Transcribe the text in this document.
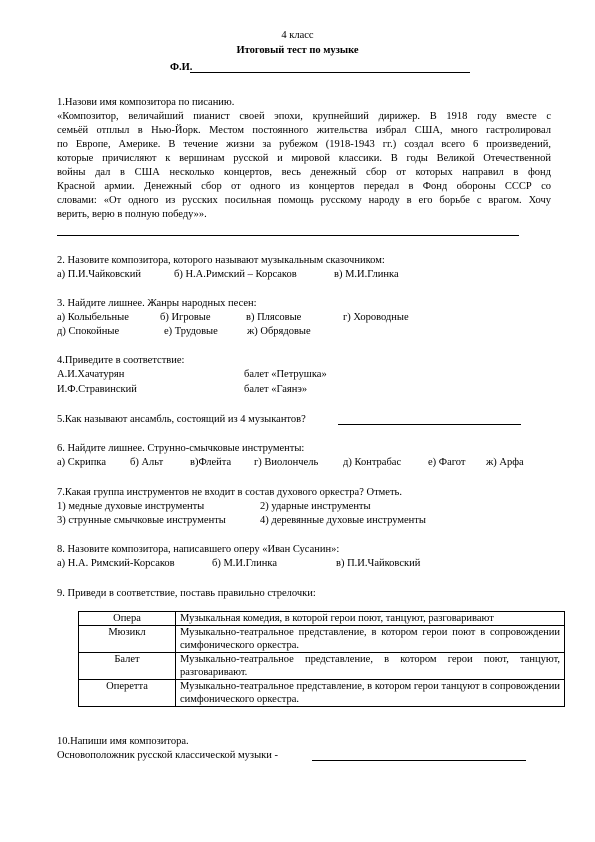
4 класс
Итоговый тест по музыке
Ф.И.
1.Назови имя композитора по писанию.
«Композитор, величайший пианист своей эпохи, крупнейший дирижер. В 1918 году вместе с
семьёй отплыл в Нью-Йорк. Местом постоянного жительства избрал США, много гастролировал
по Европе, Америке. В течение жизни за рубежом (1918-1943 гг.) создал всего 6 произведений,
которые причисляют к вершинам русской и мировой классики. В годы Великой Отечественной
войны дал в США несколько концертов, весь денежный сбор от которых направил в фонд
Красной армии. Денежный сбор от одного из концертов передал в Фонд обороны СССР со
словами: «От одного из русских посильная помощь русскому народу в его борьбе с врагом. Хочу
верить, верю в полную победу»».
2. Назовите композитора, которого называют музыкальным сказочником:
а) П.И.Чайковский	б) Н.А.Римский – Корсаков	в) М.И.Глинка
3. Найдите лишнее. Жанры народных песен:
а) Колыбельные	б) Игровые	в) Плясовые	г) Хороводные
д) Спокойные	е) Трудовые	ж) Обрядовые
4.Приведите в соответствие:
А.И.Хачатурян	балет «Петрушка»
И.Ф.Стравинский	балет «Гаянэ»
5.Как называют ансамбль, состоящий из 4 музыкантов?
6. Найдите лишнее. Струнно-смычковые инструменты:
а) Скрипка б) Альт	в)Флейта г) Виолончель д) Контрабас	е) Фагот ж) Арфа
7.Какая группа инструментов не входит в состав духового оркестра? Отметь.
1) медные духовые инструменты	2) ударные инструменты
3) струнные смычковые инструменты	4) деревянные духовые инструменты
8. Назовите композитора, написавшего оперу «Иван Сусанин»:
а) Н.А. Римский-Корсаков	б) М.И.Глинка	в) П.И.Чайковский
9. Приведи в соответствие, поставь правильно стрелочки:
Опера	Музыкальная комедия, в которой герои поют, танцуют, разговаривают
Мюзикл	Музыкально-театральное представление, в котором герои поют в сопровождении симфонического оркестра.
Балет	Музыкально-театральное представление, в котором герои поют, танцуют, разговаривают.
Оперетта	Музыкально-театральное представление, в котором герои танцуют в сопровождении симфонического оркестра.
10.Напиши имя композитора.
Основоположник русской классической музыки -
